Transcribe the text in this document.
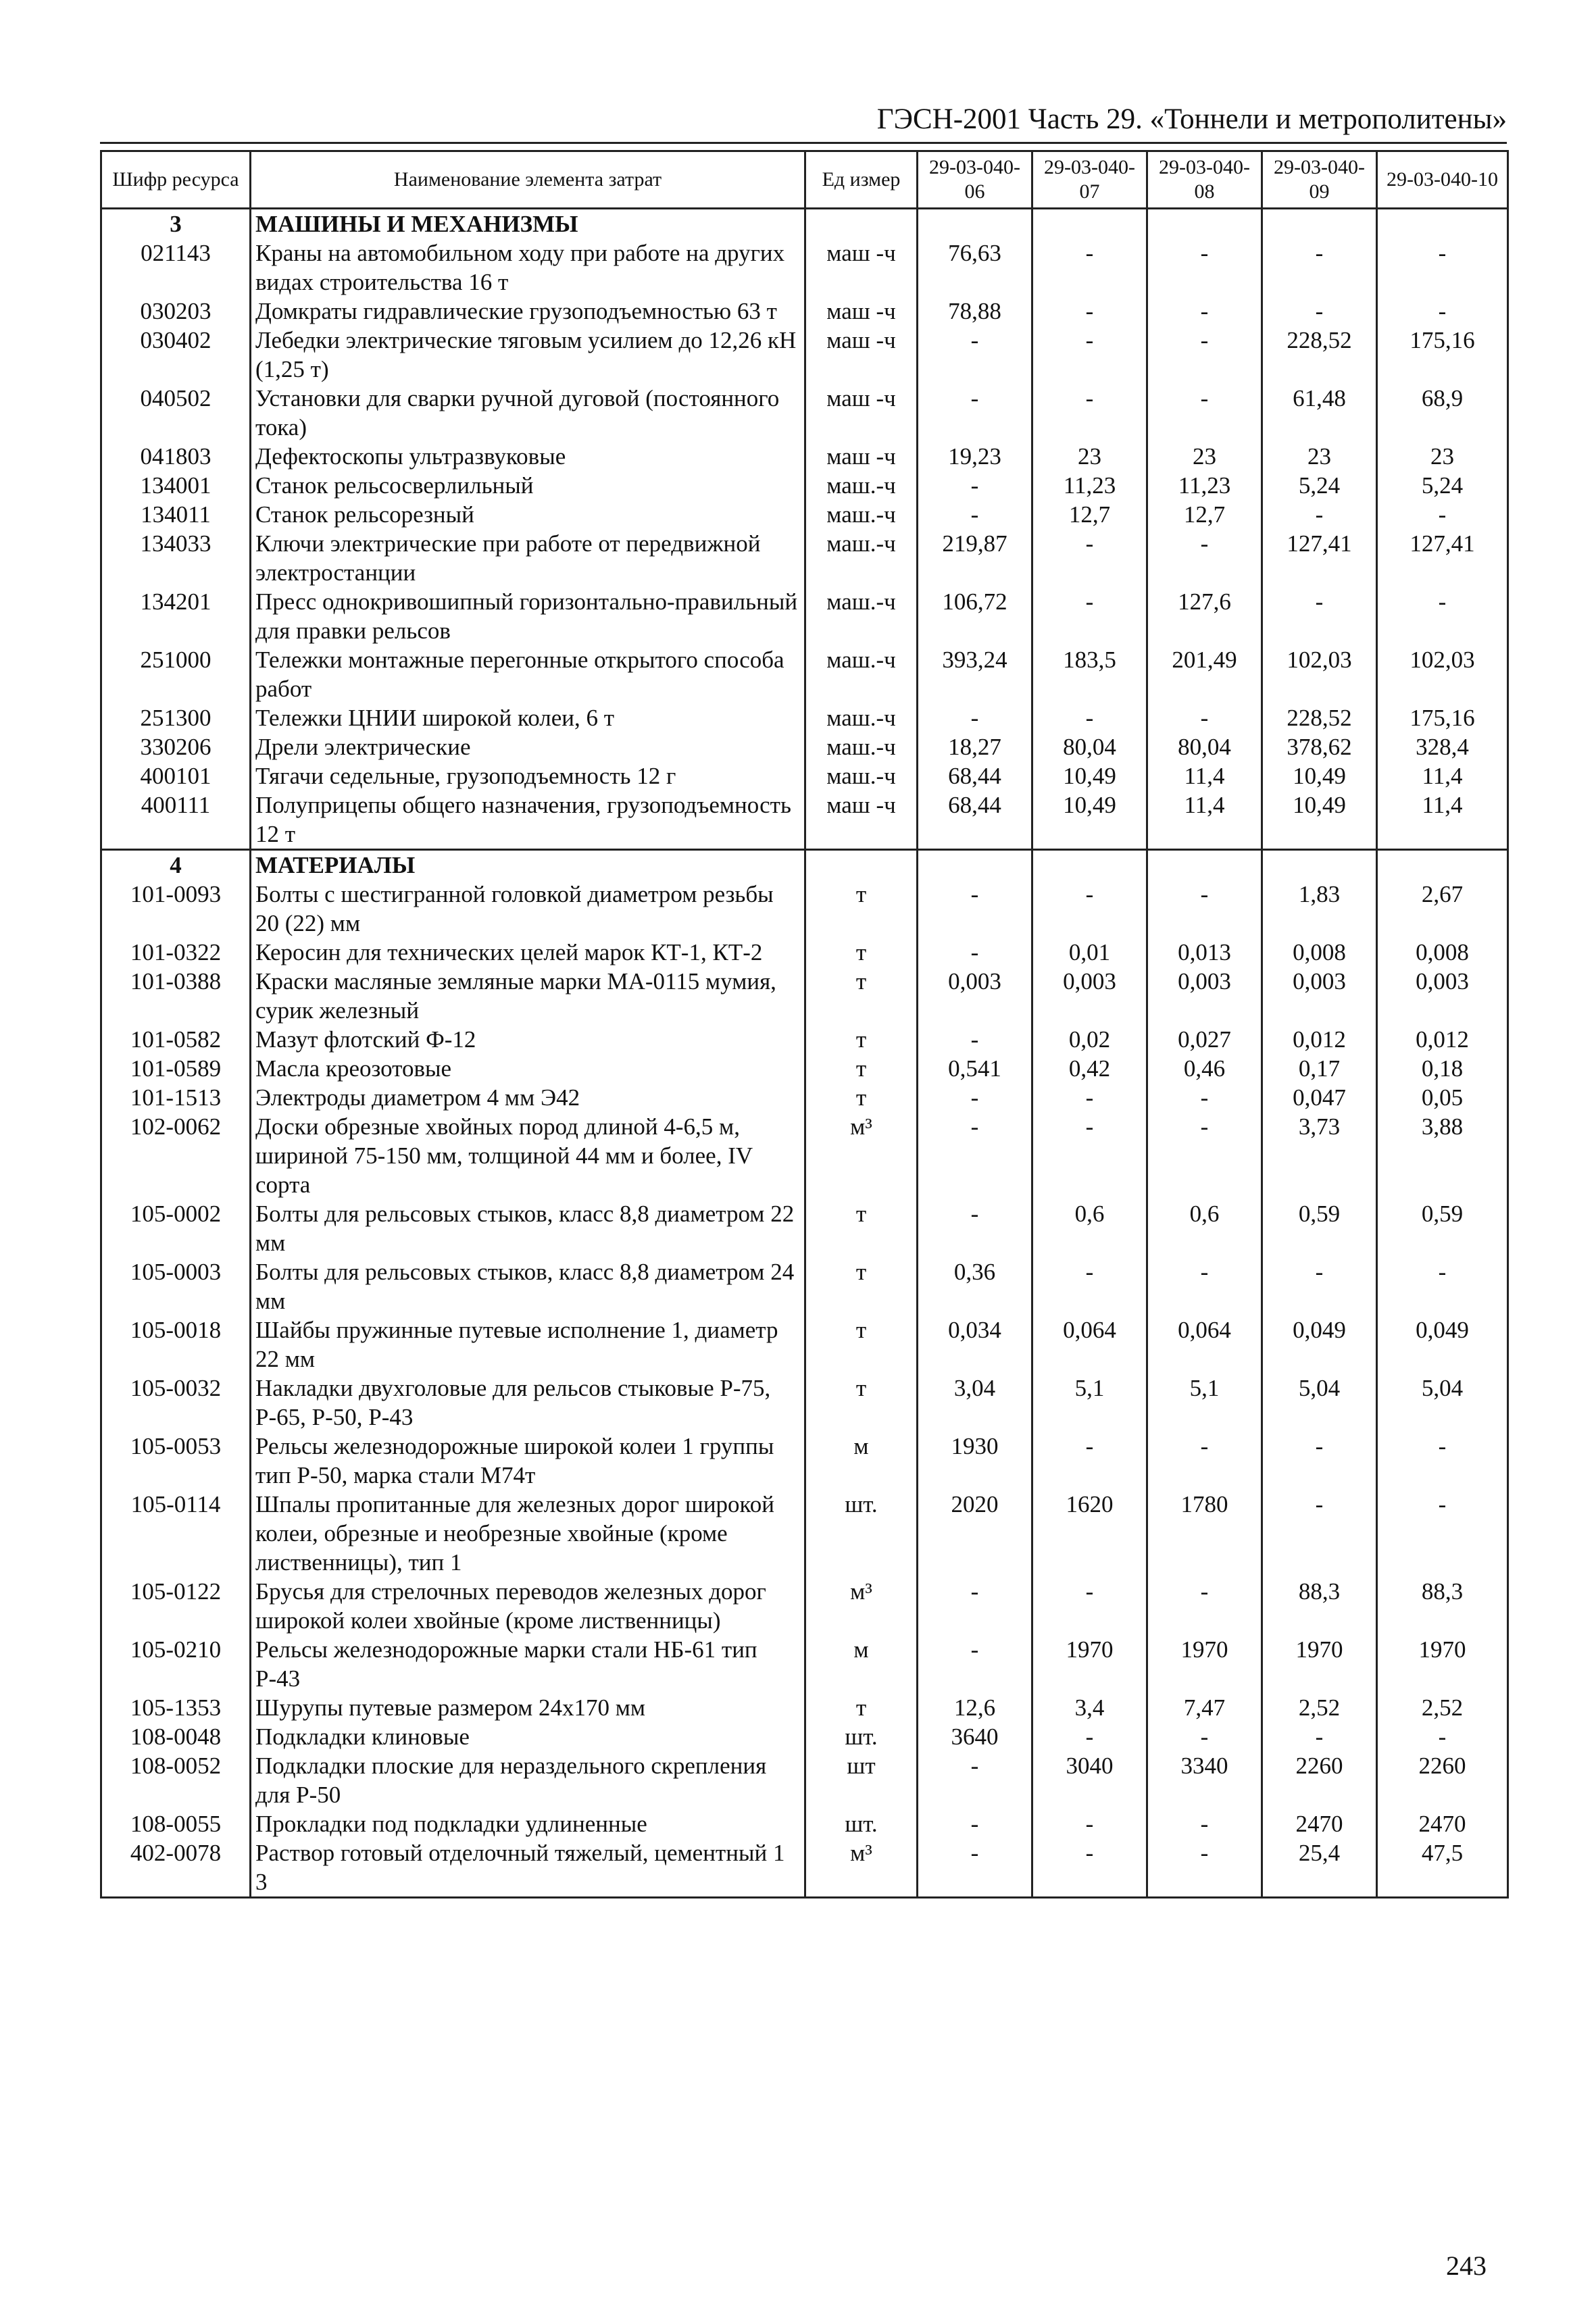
ГЭСН-2001 Часть 29. «Тоннели и метрополитены»
Шифр ресурса	Наименование элемента затрат	Ед измер	29-03-040-06	29-03-040-07	29-03-040-08	29-03-040-09	29-03-040-10
3	МАШИНЫ И МЕХАНИЗМЫ						
021143	Краны на автомобильном ходу при работе на других видах строительства 16 т	маш -ч	76,63	-	-	-	-
030203	Домкраты гидравлические грузоподъемностью 63 т	маш -ч	78,88	-	-	-	-
030402	Лебедки электрические тяговым усилием до 12,26 кН (1,25 т)	маш -ч	-	-	-	228,52	175,16
040502	Установки для сварки ручной дуговой (постоянного тока)	маш -ч	-	-	-	61,48	68,9
041803	Дефектоскопы ультразвуковые	маш -ч	19,23	23	23	23	23
134001	Станок рельсосверлильный	маш.-ч	-	11,23	11,23	5,24	5,24
134011	Станок рельсорезный	маш.-ч	-	12,7	12,7	-	-
134033	Ключи электрические при работе от передвижной электростанции	маш.-ч	219,87	-	-	127,41	127,41
134201	Пресс однокривошипный горизонтально-правильный для правки рельсов	маш.-ч	106,72	-	127,6	-	-
251000	Тележки монтажные перегонные открытого способа работ	маш.-ч	393,24	183,5	201,49	102,03	102,03
251300	Тележки ЦНИИ широкой колеи, 6 т	маш.-ч	-	-	-	228,52	175,16
330206	Дрели электрические	маш.-ч	18,27	80,04	80,04	378,62	328,4
400101	Тягачи седельные, грузоподъемность 12 г	маш.-ч	68,44	10,49	11,4	10,49	11,4
400111	Полуприцепы общего назначения, грузоподъемность 12 т	маш -ч	68,44	10,49	11,4	10,49	11,4
4	МАТЕРИАЛЫ						
101-0093	Болты с шестигранной головкой диаметром резьбы 20 (22) мм	т	-	-	-	1,83	2,67
101-0322	Керосин для технических целей марок КТ-1, КТ-2	т	-	0,01	0,013	0,008	0,008
101-0388	Краски масляные земляные марки МА-0115 мумия, сурик железный	т	0,003	0,003	0,003	0,003	0,003
101-0582	Мазут флотский Ф-12	т	-	0,02	0,027	0,012	0,012
101-0589	Масла креозотовые	т	0,541	0,42	0,46	0,17	0,18
101-1513	Электроды диаметром 4 мм Э42	т	-	-	-	0,047	0,05
102-0062	Доски обрезные хвойных пород длиной 4-6,5 м, шириной 75-150 мм, толщиной 44 мм и более, IV сорта	м³	-	-	-	3,73	3,88
105-0002	Болты для рельсовых стыков, класс 8,8 диаметром 22 мм	т	-	0,6	0,6	0,59	0,59
105-0003	Болты для рельсовых стыков, класс 8,8 диаметром 24 мм	т	0,36	-	-	-	-
105-0018	Шайбы пружинные путевые исполнение 1, диаметр 22 мм	т	0,034	0,064	0,064	0,049	0,049
105-0032	Накладки двухголовые для рельсов стыковые Р-75, Р-65, Р-50, Р-43	т	3,04	5,1	5,1	5,04	5,04
105-0053	Рельсы железнодорожные широкой колеи 1 группы тип Р-50, марка стали М74т	м	1930	-	-	-	-
105-0114	Шпалы пропитанные для железных дорог широкой колеи, обрезные и необрезные хвойные (кроме лиственницы), тип 1	шт.	2020	1620	1780	-	-
105-0122	Брусья для стрелочных переводов железных дорог широкой колеи хвойные (кроме лиственницы)	м³	-	-	-	88,3	88,3
105-0210	Рельсы железнодорожные марки стали НБ-61 тип Р-43	м	-	1970	1970	1970	1970
105-1353	Шурупы путевые размером 24х170 мм	т	12,6	3,4	7,47	2,52	2,52
108-0048	Подкладки клиновые	шт.	3640	-	-	-	-
108-0052	Подкладки плоские для нераздельного скрепления для Р-50	шт	-	3040	3340	2260	2260
108-0055	Прокладки под подкладки удлиненные	шт.	-	-	-	2470	2470
402-0078	Раствор готовый отделочный тяжелый, цементный 1 3	м³	-	-	-	25,4	47,5
243
